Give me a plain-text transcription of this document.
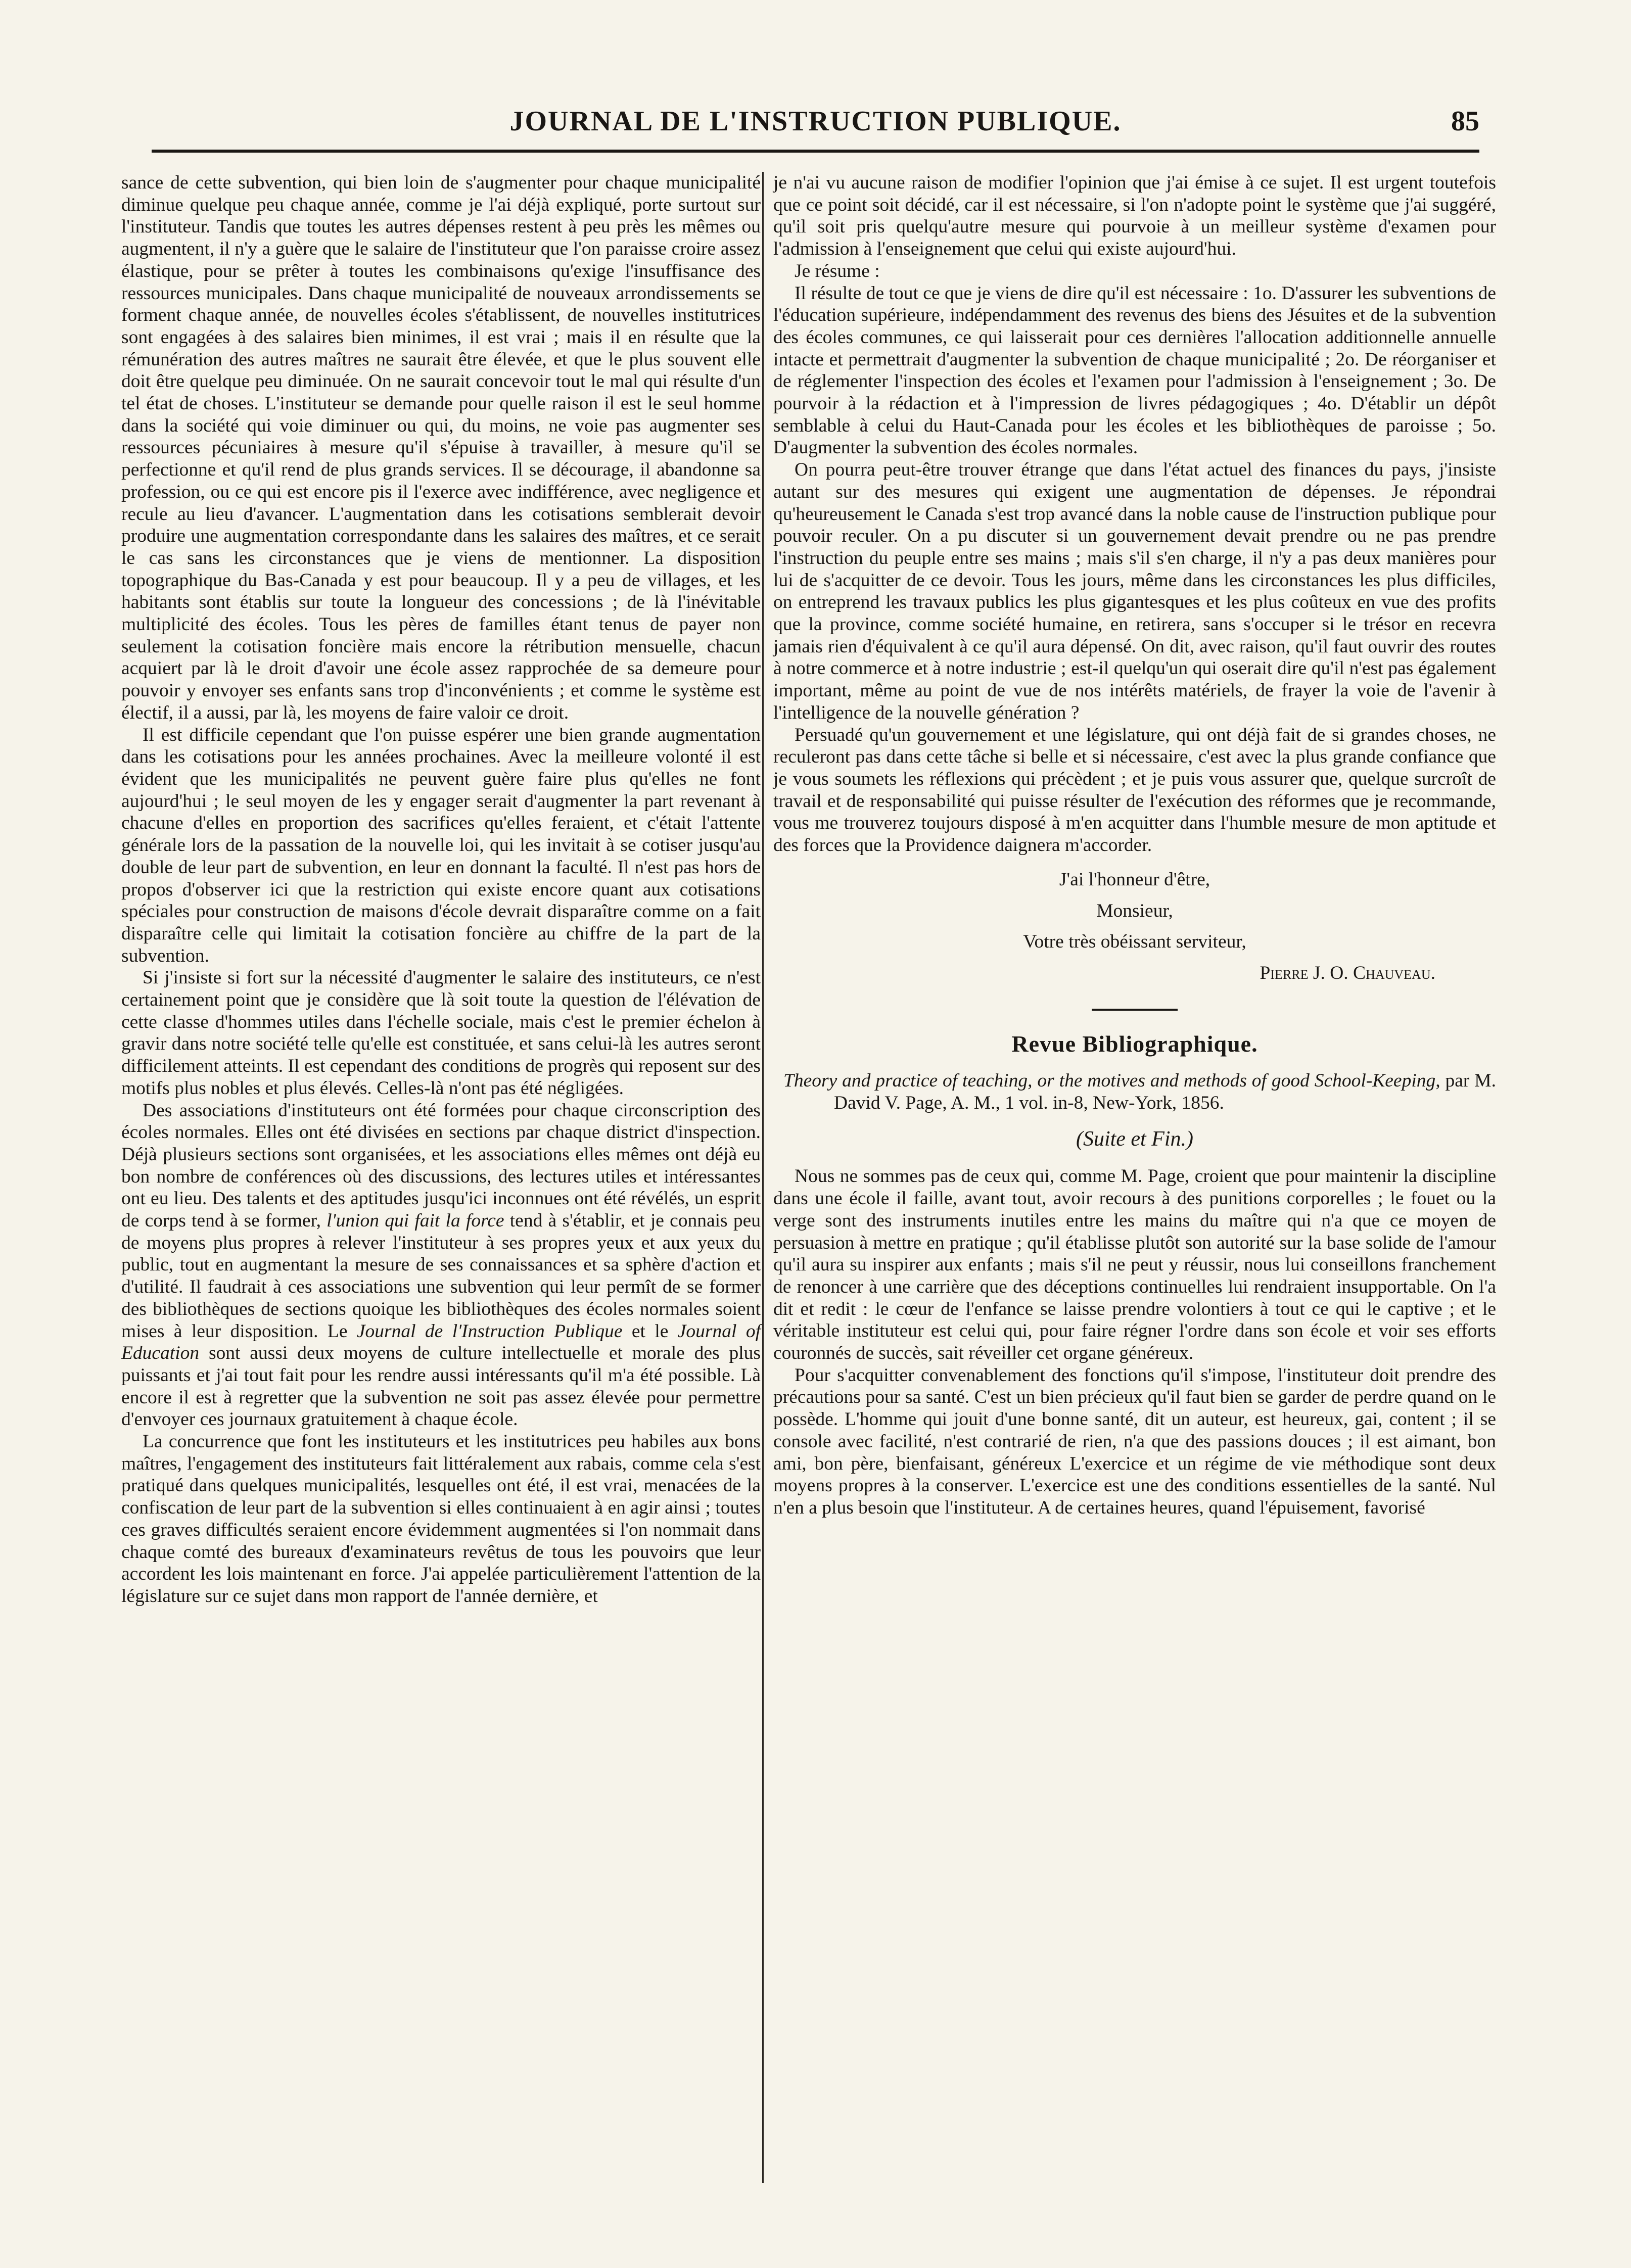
JOURNAL DE L'INSTRUCTION PUBLIQUE.	85

sance de cette subvention, qui bien loin de s'augmenter pour chaque municipalité diminue quelque peu chaque année, comme je l'ai déjà expliqué, porte surtout sur l'instituteur. Tandis que toutes les autres dépenses restent à peu près les mêmes ou augmentent, il n'y a guère que le salaire de l'instituteur que l'on paraisse croire assez élastique, pour se prêter à toutes les combinaisons qu'exige l'insuffisance des ressources municipales. Dans chaque municipalité de nouveaux arrondissements se forment chaque année, de nouvelles écoles s'établissent, de nouvelles institutrices sont engagées à des salaires bien minimes, il est vrai ; mais il en résulte que la rémunération des autres maîtres ne saurait être élevée, et que le plus souvent elle doit être quelque peu diminuée. On ne saurait concevoir tout le mal qui résulte d'un tel état de choses. L'instituteur se demande pour quelle raison il est le seul homme dans la société qui voie diminuer ou qui, du moins, ne voie pas augmenter ses ressources pécuniaires à mesure qu'il s'épuise à travailler, à mesure qu'il se perfectionne et qu'il rend de plus grands services. Il se décourage, il abandonne sa profession, ou ce qui est encore pis il l'exerce avec indifférence, avec negligence et recule au lieu d'avancer. L'augmentation dans les cotisations semblerait devoir produire une augmentation correspondante dans les salaires des maîtres, et ce serait le cas sans les circonstances que je viens de mentionner. La disposition topographique du Bas-Canada y est pour beaucoup. Il y a peu de villages, et les habitants sont établis sur toute la longueur des concessions ; de là l'inévitable multiplicité des écoles. Tous les pères de familles étant tenus de payer non seulement la cotisation foncière mais encore la rétribution mensuelle, chacun acquiert par là le droit d'avoir une école assez rapprochée de sa demeure pour pouvoir y envoyer ses enfants sans trop d'inconvénients ; et comme le système est électif, il a aussi, par là, les moyens de faire valoir ce droit.

Il est difficile cependant que l'on puisse espérer une bien grande augmentation dans les cotisations pour les années prochaines. Avec la meilleure volonté il est évident que les municipalités ne peuvent guère faire plus qu'elles ne font aujourd'hui ; le seul moyen de les y engager serait d'augmenter la part revenant à chacune d'elles en proportion des sacrifices qu'elles feraient, et c'était l'attente générale lors de la passation de la nouvelle loi, qui les invitait à se cotiser jusqu'au double de leur part de subvention, en leur en donnant la faculté. Il n'est pas hors de propos d'observer ici que la restriction qui existe encore quant aux cotisations spéciales pour construction de maisons d'école devrait disparaître comme on a fait disparaître celle qui limitait la cotisation foncière au chiffre de la part de la subvention.

Si j'insiste si fort sur la nécessité d'augmenter le salaire des instituteurs, ce n'est certainement point que je considère que là soit toute la question de l'élévation de cette classe d'hommes utiles dans l'échelle sociale, mais c'est le premier échelon à gravir dans notre société telle qu'elle est constituée, et sans celui-là les autres seront difficilement atteints. Il est cependant des conditions de progrès qui reposent sur des motifs plus nobles et plus élevés. Celles-là n'ont pas été négligées.

Des associations d'instituteurs ont été formées pour chaque circonscription des écoles normales. Elles ont été divisées en sections par chaque district d'inspection. Déjà plusieurs sections sont organisées, et les associations elles mêmes ont déjà eu bon nombre de conférences où des discussions, des lectures utiles et intéressantes ont eu lieu. Des talents et des aptitudes jusqu'ici inconnues ont été révélés, un esprit de corps tend à se former, l'union qui fait la force tend à s'établir, et je connais peu de moyens plus propres à relever l'instituteur à ses propres yeux et aux yeux du public, tout en augmentant la mesure de ses connaissances et sa sphère d'action et d'utilité. Il faudrait à ces associations une subvention qui leur permît de se former des bibliothèques de sections quoique les bibliothèques des écoles normales soient mises à leur disposition. Le Journal de l'Instruction Publique et le Journal of Education sont aussi deux moyens de culture intellectuelle et morale des plus puissants et j'ai tout fait pour les rendre aussi intéressants qu'il m'a été possible. Là encore il est à regretter que la subvention ne soit pas assez élevée pour permettre d'envoyer ces journaux gratuitement à chaque école.

La concurrence que font les instituteurs et les institutrices peu habiles aux bons maîtres, l'engagement des instituteurs fait littéralement aux rabais, comme cela s'est pratiqué dans quelques municipalités, lesquelles ont été, il est vrai, menacées de la confiscation de leur part de la subvention si elles continuaient à en agir ainsi ; toutes ces graves difficultés seraient encore évidemment augmentées si l'on nommait dans chaque comté des bureaux d'examinateurs revêtus de tous les pouvoirs que leur accordent les lois maintenant en force. J'ai appelée particulièrement l'attention de la législature sur ce sujet dans mon rapport de l'année dernière, et

je n'ai vu aucune raison de modifier l'opinion que j'ai émise à ce sujet. Il est urgent toutefois que ce point soit décidé, car il est nécessaire, si l'on n'adopte point le système que j'ai suggéré, qu'il soit pris quelqu'autre mesure qui pourvoie à un meilleur système d'examen pour l'admission à l'enseignement que celui qui existe aujourd'hui.

Je résume :

Il résulte de tout ce que je viens de dire qu'il est nécessaire : 1o. D'assurer les subventions de l'éducation supérieure, indépendamment des revenus des biens des Jésuites et de la subvention des écoles communes, ce qui laisserait pour ces dernières l'allocation additionnelle annuelle intacte et permettrait d'augmenter la subvention de chaque municipalité ; 2o. De réorganiser et de réglementer l'inspection des écoles et l'examen pour l'admission à l'enseignement ; 3o. De pourvoir à la rédaction et à l'impression de livres pédagogiques ; 4o. D'établir un dépôt semblable à celui du Haut-Canada pour les écoles et les bibliothèques de paroisse ; 5o. D'augmenter la subvention des écoles normales.

On pourra peut-être trouver étrange que dans l'état actuel des finances du pays, j'insiste autant sur des mesures qui exigent une augmentation de dépenses. Je répondrai qu'heureusement le Canada s'est trop avancé dans la noble cause de l'instruction publique pour pouvoir reculer. On a pu discuter si un gouvernement devait prendre ou ne pas prendre l'instruction du peuple entre ses mains ; mais s'il s'en charge, il n'y a pas deux manières pour lui de s'acquitter de ce devoir. Tous les jours, même dans les circonstances les plus difficiles, on entreprend les travaux publics les plus gigantesques et les plus coûteux en vue des profits que la province, comme société humaine, en retirera, sans s'occuper si le trésor en recevra jamais rien d'équivalent à ce qu'il aura dépensé. On dit, avec raison, qu'il faut ouvrir des routes à notre commerce et à notre industrie ; est-il quelqu'un qui oserait dire qu'il n'est pas également important, même au point de vue de nos intérêts matériels, de frayer la voie de l'avenir à l'intelligence de la nouvelle génération ?

Persuadé qu'un gouvernement et une législature, qui ont déjà fait de si grandes choses, ne reculeront pas dans cette tâche si belle et si nécessaire, c'est avec la plus grande confiance que je vous soumets les réflexions qui précèdent ; et je puis vous assurer que, quelque surcroît de travail et de responsabilité qui puisse résulter de l'exécution des réformes que je recommande, vous me trouverez toujours disposé à m'en acquitter dans l'humble mesure de mon aptitude et des forces que la Providence daignera m'accorder.

J'ai l'honneur d'être,
Monsieur,
Votre très obéissant serviteur,
Pierre J. O. Chauveau.
Revue Bibliographique.
Theory and practice of teaching, or the motives and methods of good School-Keeping, par M. David V. Page, A. M., 1 vol. in-8, New-York, 1856.
(Suite et Fin.)

Nous ne sommes pas de ceux qui, comme M. Page, croient que pour maintenir la discipline dans une école il faille, avant tout, avoir recours à des punitions corporelles ; le fouet ou la verge sont des instruments inutiles entre les mains du maître qui n'a que ce moyen de persuasion à mettre en pratique ; qu'il établisse plutôt son autorité sur la base solide de l'amour qu'il aura su inspirer aux enfants ; mais s'il ne peut y réussir, nous lui conseillons franchement de renoncer à une carrière que des déceptions continuelles lui rendraient insupportable. On l'a dit et redit : le cœur de l'enfance se laisse prendre volontiers à tout ce qui le captive ; et le véritable instituteur est celui qui, pour faire régner l'ordre dans son école et voir ses efforts couronnés de succès, sait réveiller cet organe généreux.

Pour s'acquitter convenablement des fonctions qu'il s'impose, l'instituteur doit prendre des précautions pour sa santé. C'est un bien précieux qu'il faut bien se garder de perdre quand on le possède. L'homme qui jouit d'une bonne santé, dit un auteur, est heureux, gai, content ; il se console avec facilité, n'est contrarié de rien, n'a que des passions douces ; il est aimant, bon ami, bon père, bienfaisant, généreux L'exercice et un régime de vie méthodique sont deux moyens propres à la conserver. L'exercice est une des conditions essentielles de la santé. Nul n'en a plus besoin que l'instituteur. A de certaines heures, quand l'épuisement, favorisé
